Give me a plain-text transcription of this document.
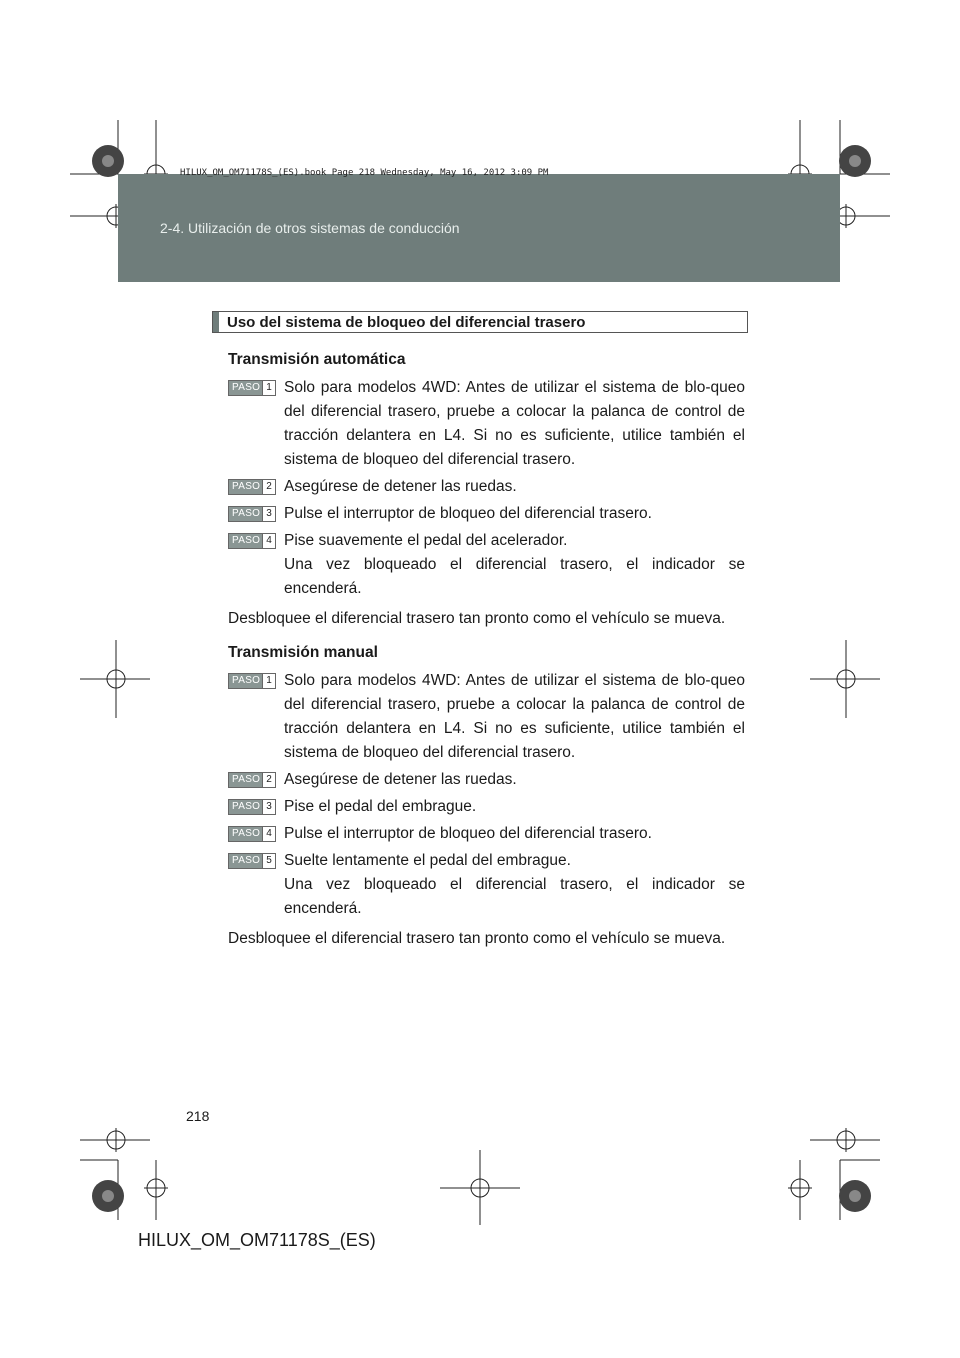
HILUX_OM_OM71178S_(ES).book Page 218 Wednesday, May 16, 2012 3:09 PM
2-4. Utilización de otros sistemas de conducción
Uso del sistema de bloqueo del diferencial trasero
Transmisión automática
PASO 1 Solo para modelos 4WD: Antes de utilizar el sistema de blo-queo del diferencial trasero, pruebe a colocar la palanca de control de tracción delantera en L4. Si no es suficiente, utilice también el sistema de bloqueo del diferencial trasero.
PASO 2 Asegúrese de detener las ruedas.
PASO 3 Pulse el interruptor de bloqueo del diferencial trasero.
PASO 4 Pise suavemente el pedal del acelerador.
Una vez bloqueado el diferencial trasero, el indicador se encenderá.
Desbloquee el diferencial trasero tan pronto como el vehículo se mueva.
Transmisión manual
PASO 1 Solo para modelos 4WD: Antes de utilizar el sistema de blo-queo del diferencial trasero, pruebe a colocar la palanca de control de tracción delantera en L4. Si no es suficiente, utilice también el sistema de bloqueo del diferencial trasero.
PASO 2 Asegúrese de detener las ruedas.
PASO 3 Pise el pedal del embrague.
PASO 4 Pulse el interruptor de bloqueo del diferencial trasero.
PASO 5 Suelte lentamente el pedal del embrague.
Una vez bloqueado el diferencial trasero, el indicador se encenderá.
Desbloquee el diferencial trasero tan pronto como el vehículo se mueva.
218
HILUX_OM_OM71178S_(ES)
